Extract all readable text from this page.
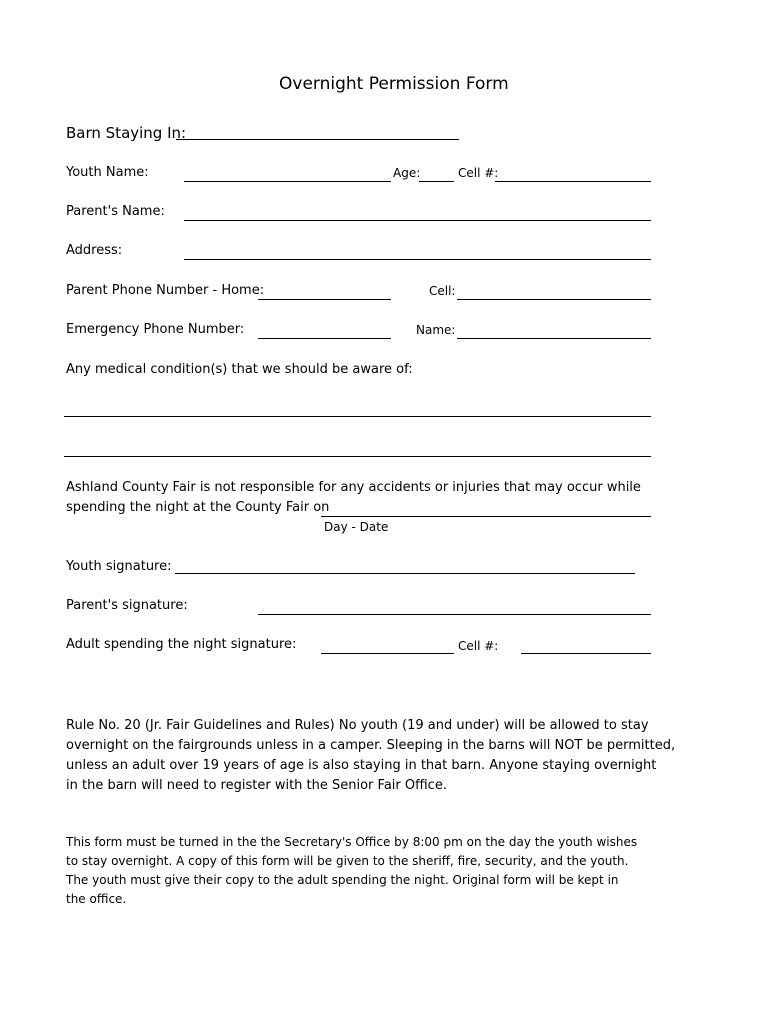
Overnight Permission Form
Barn Staying In:
Youth Name:	Age:	Cell #:
Parent's Name:
Address:
Parent Phone Number - Home:	Cell:
Emergency Phone Number:	Name:
Any medical condition(s) that we should be aware of:
Ashland County Fair is not responsible for any accidents or injuries that may occur while
spending the night at the County Fair on
Day - Date
Youth signature:
Parent's signature:
Adult spending the night signature:	Cell #:
Rule No. 20 (Jr. Fair Guidelines and Rules) No youth (19 and under) will be allowed to stay
overnight on the fairgrounds unless in a camper. Sleeping in the barns will NOT be permitted,
unless an adult over 19 years of age is also staying in that barn. Anyone staying overnight
in the barn will need to register with the Senior Fair Office.
This form must be turned in the the Secretary's Office by 8:00 pm on the day the youth wishes
to stay overnight. A copy of this form will be given to the sheriff, fire, security, and the youth.
The youth must give their copy to the adult spending the night. Original form will be kept in
the office.
